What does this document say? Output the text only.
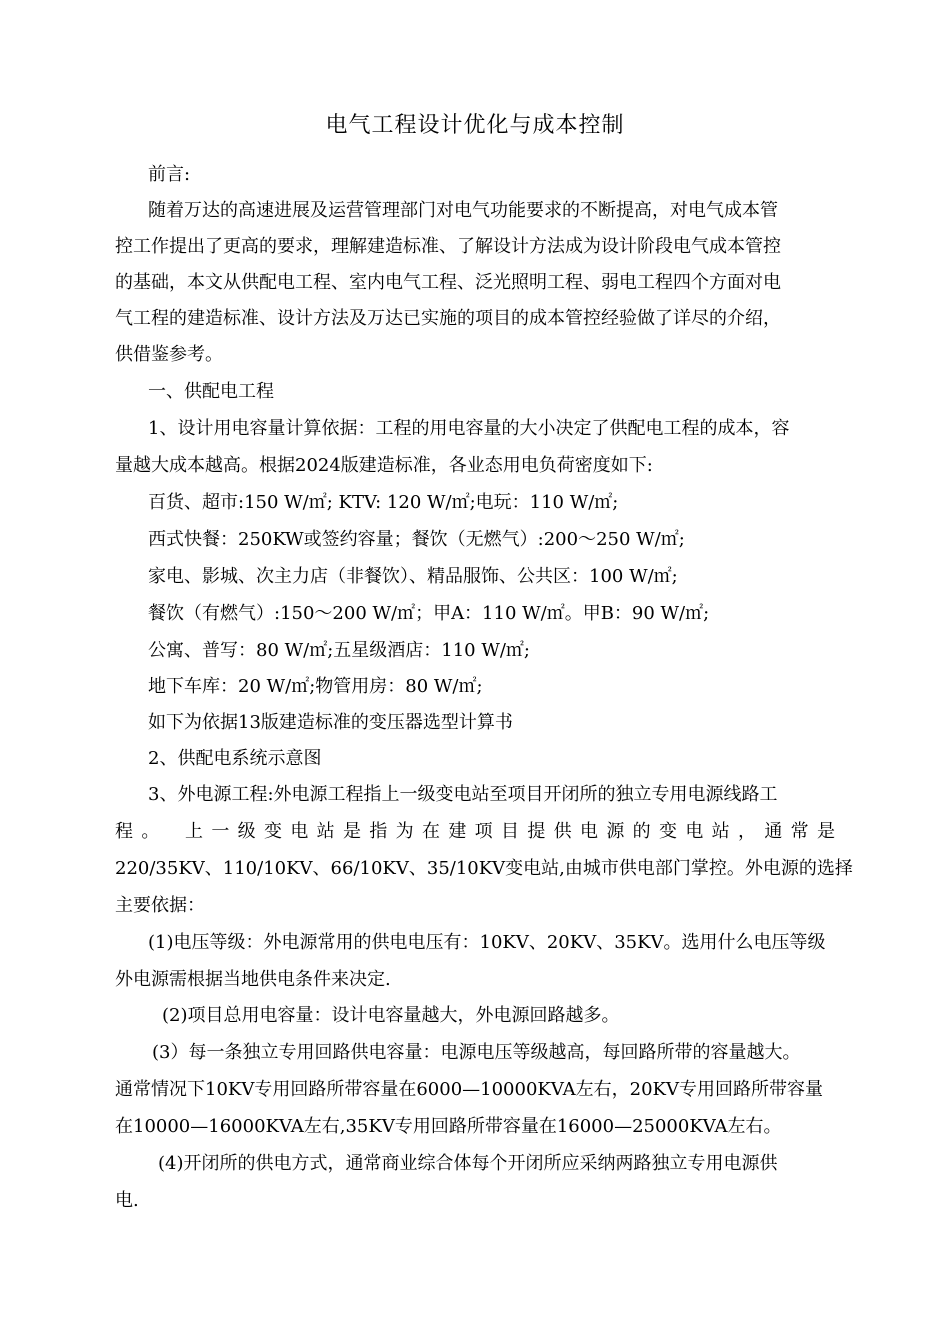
电气工程设计优化与成本控制

前言:

随着万达的高速进展及运营管理部门对电气功能要求的不断提高，对电气成本管

控工作提出了更高的要求，理解建造标准、了解设计方法成为设计阶段电气成本管控

的基础，本文从供配电工程、室内电气工程、泛光照明工程、弱电工程四个方面对电

气工程的建造标准、设计方法及万达已实施的项目的成本管控经验做了详尽的介绍，

供借鉴参考。

一、供配电工程

1、设计用电容量计算依据：工程的用电容量的大小决定了供配电工程的成本，容

量越大成本越高。根据2024版建造标准，各业态用电负荷密度如下:

百货、超市:150 W/㎡; KTV: 120 W/㎡;电玩：110 W/㎡;

西式快餐：250KW或签约容量；餐饮（无燃气）:200～250 W/㎡;

家电、影城、次主力店（非餐饮）、精品服饰、公共区：100 W/㎡;

餐饮（有燃气）:150～200 W/㎡；甲A：110 W/㎡。甲B：90 W/㎡;

公寓、普写：80 W/㎡;五星级酒店：110 W/㎡;

地下车库：20 W/㎡;物管用房：80 W/㎡;

如下为依据13版建造标准的变压器选型计算书

2、供配电系统示意图

3、外电源工程:外电源工程指上一级变电站至项目开闭所的独立专用电源线路工

程。　上一级变电站是指为在建项目提供电源的变电站，通常是

220/35KV、110/10KV、66/10KV、35/10KV变电站,由城市供电部门掌控。外电源的选择

主要依据：

(1)电压等级：外电源常用的供电电压有：10KV、20KV、35KV。选用什么电压等级

外电源需根据当地供电条件来决定.

(2)项目总用电容量：设计电容量越大，外电源回路越多。

(3）每一条独立专用回路供电容量：电源电压等级越高，每回路所带的容量越大。

通常情况下10KV专用回路所带容量在6000—10000KVA左右，20KV专用回路所带容量

在10000—16000KVA左右,35KV专用回路所带容量在16000—25000KVA左右。

(4)开闭所的供电方式，通常商业综合体每个开闭所应采纳两路独立专用电源供

电.
